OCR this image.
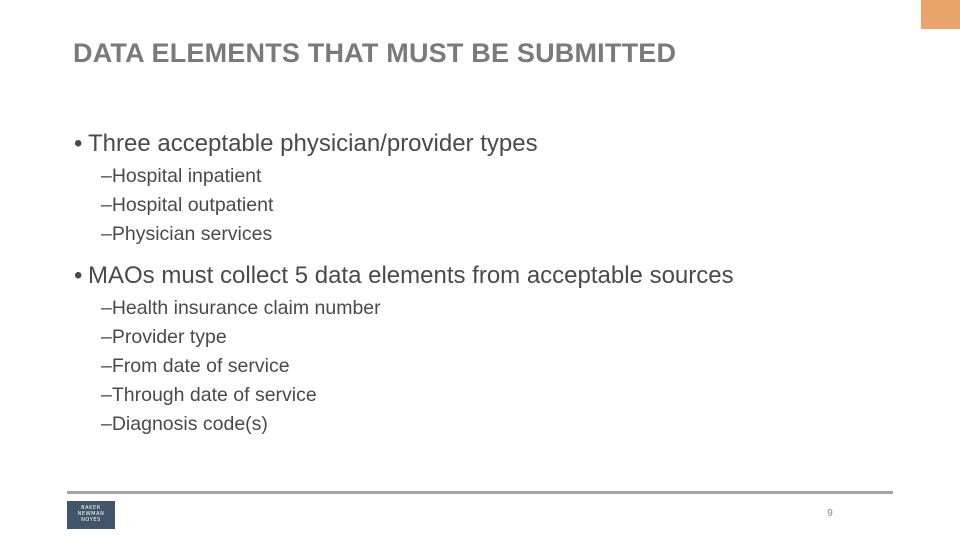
DATA ELEMENTS THAT MUST BE SUBMITTED
• Three acceptable physician/provider types
–Hospital inpatient
–Hospital outpatient
–Physician services
• MAOs must collect 5 data elements from acceptable sources
–Health insurance claim number
–Provider type
–From date of service
–Through date of service
–Diagnosis code(s)
BAKER
NEWMAN
NOYES
9
